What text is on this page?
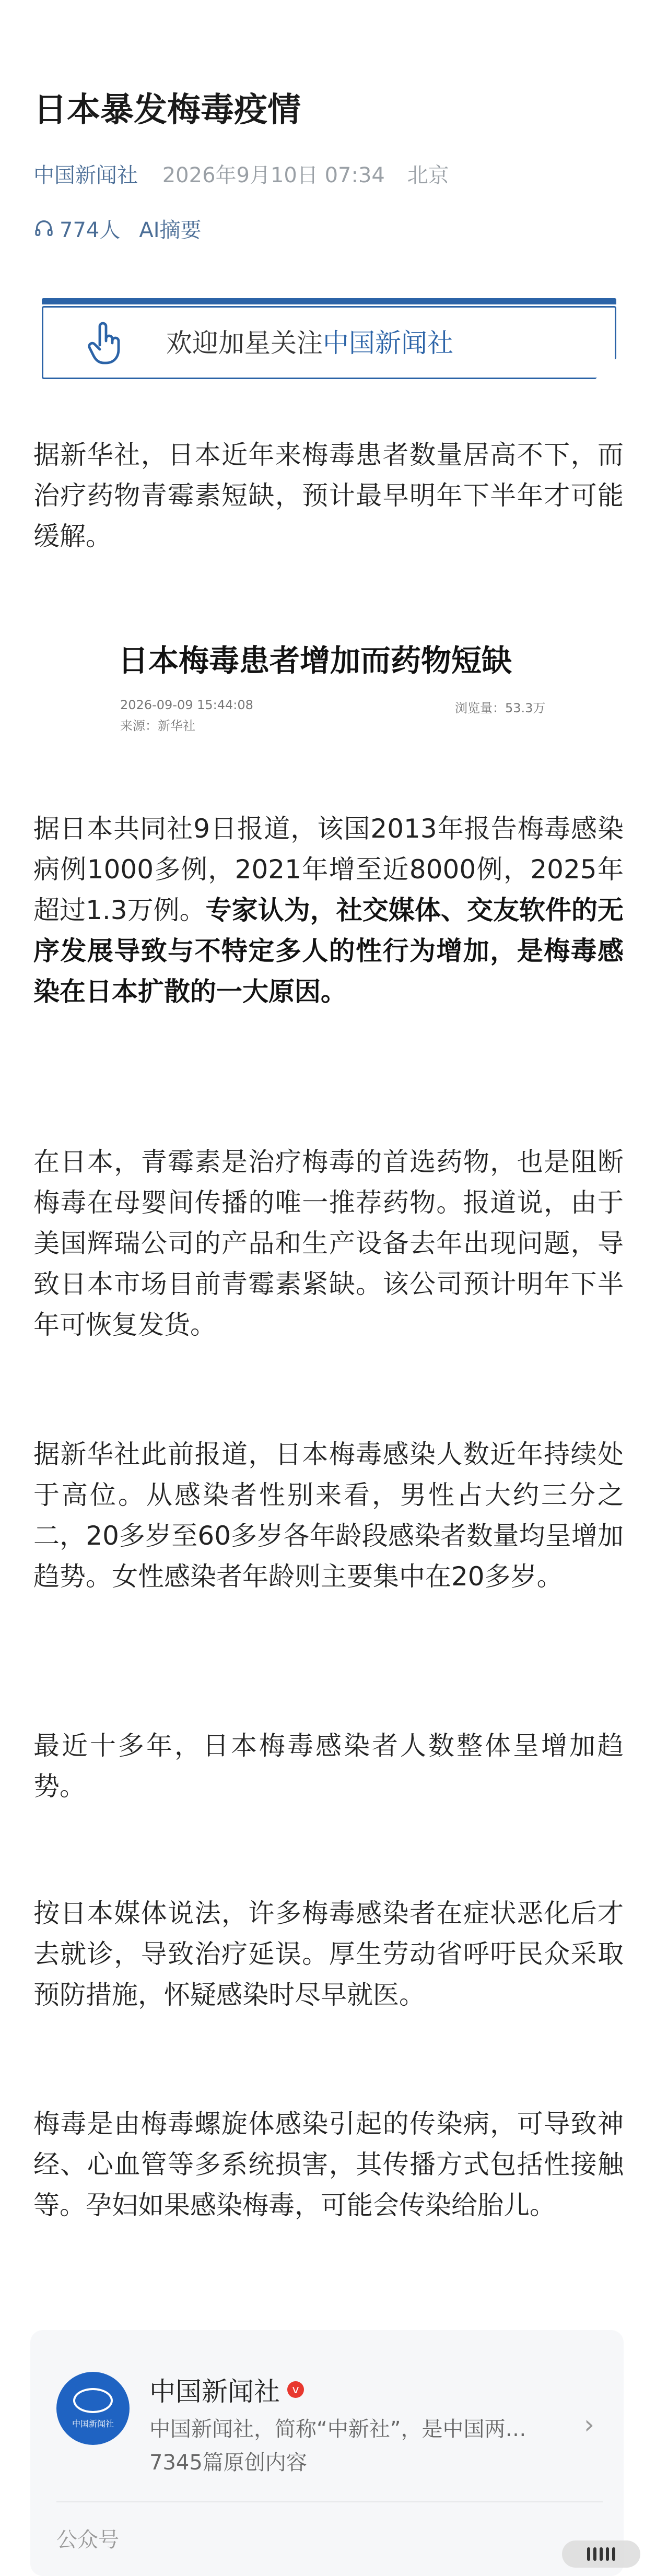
日本暴发梅毒疫情
中国新闻社 2026年9月10日 07:34 北京
774人 AI摘要
欢迎加星关注中国新闻社

据新华社，日本近年来梅毒患者数量居高不下，而治疗药物青霉素短缺，预计最早明年下半年才可能缓解。

日本梅毒患者增加而药物短缺
2026-09-09 15:44:08
来源：新华社
浏览量：53.3万

据日本共同社9日报道，该国2013年报告梅毒感染病例1000多例，2021年增至近8000例，2025年超过1.3万例。专家认为，社交媒体、交友软件的无序发展导致与不特定多人的性行为增加，是梅毒感染在日本扩散的一大原因。

在日本，青霉素是治疗梅毒的首选药物，也是阻断梅毒在母婴间传播的唯一推荐药物。报道说，由于美国辉瑞公司的产品和生产设备去年出现问题，导致日本市场目前青霉素紧缺。该公司预计明年下半年可恢复发货。

据新华社此前报道，日本梅毒感染人数近年持续处于高位。从感染者性别来看，男性占大约三分之二，20多岁至60多岁各年龄段感染者数量均呈增加趋势。女性感染者年龄则主要集中在20多岁。

最近十多年，日本梅毒感染者人数整体呈增加趋势。

按日本媒体说法，许多梅毒感染者在症状恶化后才去就诊，导致治疗延误。厚生劳动省呼吁民众采取预防措施，怀疑感染时尽早就医。

梅毒是由梅毒螺旋体感染引起的传染病，可导致神经、心血管等多系统损害，其传播方式包括性接触等。孕妇如果感染梅毒，可能会传染给胎儿。

中国新闻社
中国新闻社	v
中国新闻社，简称“中新社”，是中国两… ›
7345篇原创内容
公众号
